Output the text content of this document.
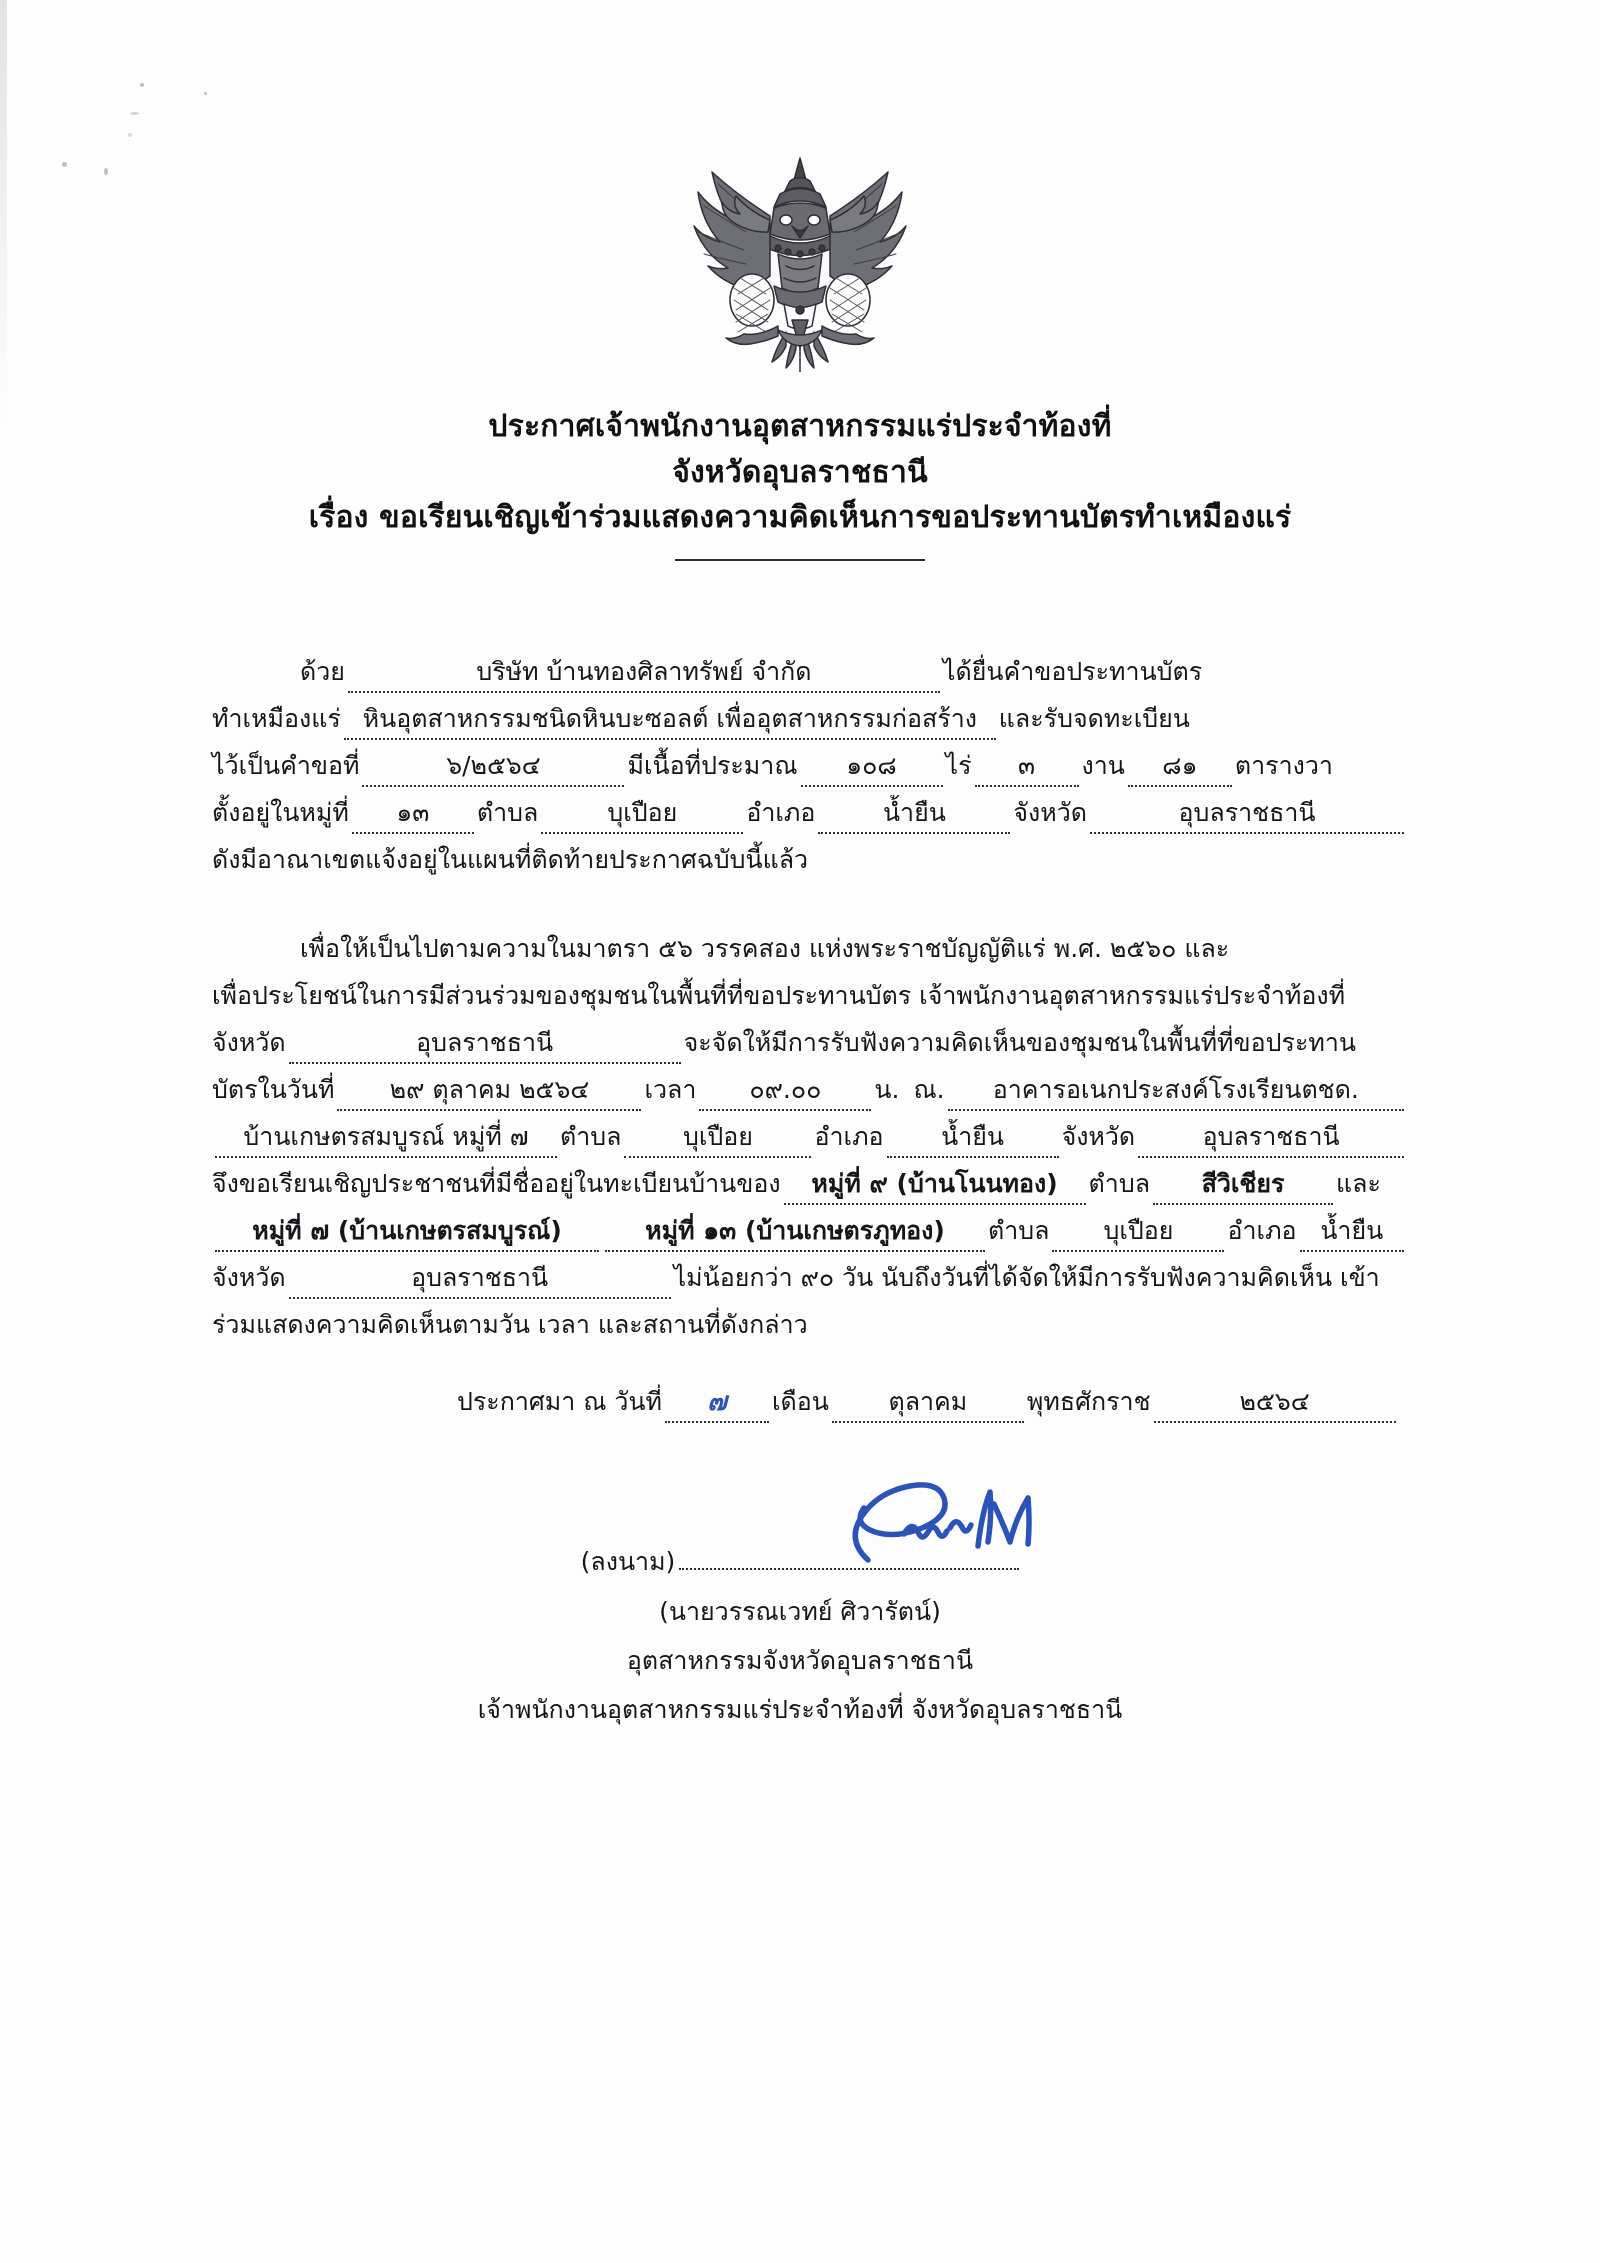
ประกาศเจ้าพนักงานอุตสาหกรรมแร่ประจำท้องที่
จังหวัดอุบลราชธานี
เรื่อง ขอเรียนเชิญเข้าร่วมแสดงความคิดเห็นการขอประทานบัตรทำเหมืองแร่
ด้วย	บริษัท บ้านทองศิลาทรัพย์ จำกัด	ได้ยื่นคำขอประทานบัตร
ทำเหมืองแร่ หินอุตสาหกรรมชนิดหินบะซอลต์ เพื่ออุตสาหกรรมก่อสร้าง และรับจดทะเบียน
ไว้เป็นคำขอที่	๖/๒๕๖๔	มีเนื้อที่ประมาณ	๑๐๘	ไร่	๓	งาน	๘๑	ตารางวา
ตั้งอยู่ในหมู่ที่	๑๓	ตำบล	บุเปือย	อำเภอ	น้ำยืน	จังหวัด	อุบลราชธานี
ดังมีอาณาเขตแจ้งอยู่ในแผนที่ติดท้ายประกาศฉบับนี้แล้ว
เพื่อให้เป็นไปตามความในมาตรา ๕๖ วรรคสอง แห่งพระราชบัญญัติแร่ พ.ศ. ๒๕๖๐ และ
เพื่อประโยชน์ในการมีส่วนร่วมของชุมชนในพื้นที่ที่ขอประทานบัตร เจ้าพนักงานอุตสาหกรรมแร่ประจำท้องที่
จังหวัด	อุบลราชธานี	จะจัดให้มีการรับฟังความคิดเห็นของชุมชนในพื้นที่ที่ขอประทาน
บัตรในวันที่	๒๙ ตุลาคม ๒๕๖๔	เวลา	๐๙.๐๐	น. ณ.	อาคารอเนกประสงค์โรงเรียนตชด.
บ้านเกษตรสมบูรณ์ หมู่ที่ ๗	ตำบล	บุเปือย	อำเภอ	น้ำยืน	จังหวัด	อุบลราชธานี
จึงขอเรียนเชิญประชาชนที่มีชื่ออยู่ในทะเบียนบ้านของ	หมู่ที่ ๙ (บ้านโนนทอง)	ตำบล	สีวิเชียร	และ
หมู่ที่ ๗ (บ้านเกษตรสมบูรณ์)	หมู่ที่ ๑๓ (บ้านเกษตรภูทอง)	ตำบล	บุเปือย	อำเภอ น้ำยืน
จังหวัด	อุบลราชธานี	ไม่น้อยกว่า ๙๐ วัน นับถึงวันที่ได้จัดให้มีการรับฟังความคิดเห็น เข้า
ร่วมแสดงความคิดเห็นตามวัน เวลา และสถานที่ดังกล่าว
ประกาศมา ณ วันที่	๗	เดือน	ตุลาคม	พุทธศักราช	๒๕๖๔
(ลงนาม)
(นายวรรณเวทย์ ศิวารัตน์)
อุตสาหกรรมจังหวัดอุบลราชธานี
เจ้าพนักงานอุตสาหกรรมแร่ประจำท้องที่ จังหวัดอุบลราชธานี
